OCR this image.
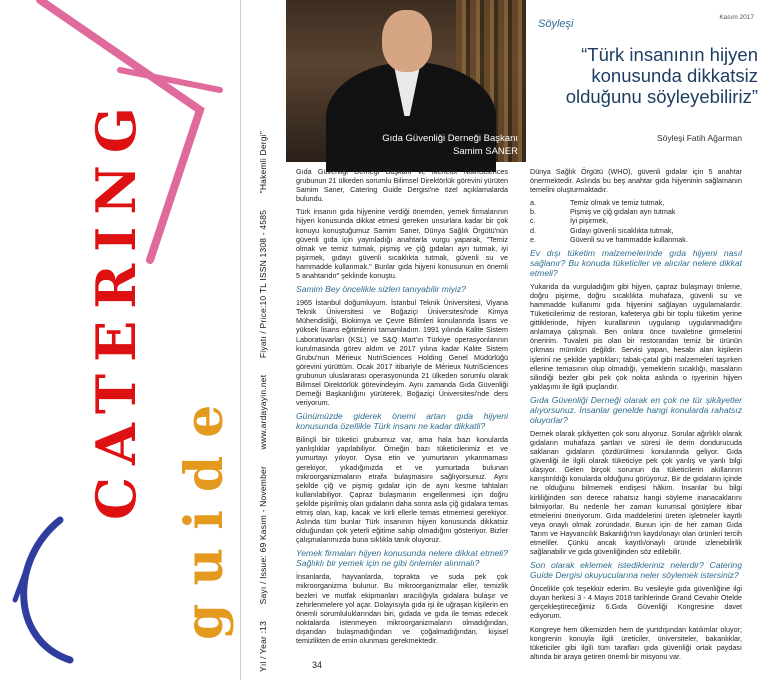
CATERING guide
Yıl / Year :13 Sayı / Issue: 69 Kasım - November www.ardayayin.net Fiyatı / Price:10 TL ISSN 1308 - 4585 "Hakemli Dergi"	Gıda Güvenliği Derneği Başkanı
Samim SANER
Söyleşi
Kasım 2017
“Türk insanının hijyen konusunda dikkatsiz olduğunu söyleyebiliriz”
Söyleşi Fatih Ağarman

Gıda Güvenliği Derneği Başkanı ve Mérieux NutriSciences grubunun 21 ülkeden sorumlu Bilimsel Direktörlük görevini yürüten Samim Saner, Catering Guide Dergisi'ne özel açıklamalarda bulundu.

Türk insanın gıda hijyenine verdiği önemden, yemek firmalarının hijyen konusunda dikkat etmesi gereken unsurlara kadar bir çok konuyu konuştuğumuz Samim Saner, Dünya Sağlık Örgütü'nün güvenli gıda için yayınladığı anahtarla vurgu yaparak, "Temiz olmak ve temiz tutmak, pişmiş ve çiğ gıdaları ayrı tutmak, iyi pişirmek, gıdayı güvenli sıcaklıkta tutmak, güvenli su ve hammadde kullanmak." Bunlar gıda hijyeni konusunun en önemli 5 anahtarıdır" şeklinde konuştu.

Samim Bey öncelikle sizleri tanıyabilir miyiz?

1965 İstanbul doğumluyum. İstanbul Teknik Üniversitesi, Viyana Teknik Üniversitesi ve Boğaziçi Üniversitesi'nde Kimya Mühendisliği, Biokimya ve Çevre Bilimleri konularında lisans ve yüksek lisans eğitimlerini tamamladım. 1991 yılında Kalite Sistem Laboratuvarları (KSL) ve S&Q Mart'ın Türkiye operasyonlarının kurulmasında görev aldım ve 2017 yılına kadar Kalite Sistem Grubu'nun Mérieux NutriSciences Holding Genel Müdürlüğü görevini yürüttüm. Ocak 2017 itibariyle de Mérieux NutriSciences grubunun uluslararası operasyonunda 21 ülkeden sorumlu olarak Bilimsel Direktörlük görevindeyim. Aynı zamanda Gıda Güvenliği Derneği Başkanlığını yürüterek, Boğaziçi Üniversitesi'nde ders veriyorum.

Günümüzde giderek önemi artan gıda hijyeni konusunda özellikle Türk insanı ne kadar dikkatli?

Bilinçli bir tüketici grubumuz var, ama hala bazı konularda yanlışlıklar yapılabiliyor. Örneğin bazı tüketicilerimiz et ve yumurtayı yıkıyor. Oysa etin ve yumurtanın yıkanmaması gerekiyor, yıkadığınızda et ve yumurtada bulunan mikroorganizmaların etrafa bulaşmasını sağlıyorsunuz. Aynı şekilde çiğ ve pişmiş gıdalar için de aynı kesme tahtaları kullanılabiliyor. Çapraz bulaşmanın engellenmesi için doğru şekilde pişirilmiş olan gıdaların daha sonra asla çiğ gıdalara temas etmiş olan, kap, kacak ve kirli ellerle temas etmemesi gerekiyor. Aslında tüm bunlar Türk insanının hijyen konusunda dikkatsiz olduğundan çok yeterli eğitime sahip olmadığını gösteriyor. Bizler çalışmalarımızda buna sıklıkla tanık oluyoruz.

Yemek firmaları hijyen konusunda nelere dikkat etmeli? Sağlıklı bir yemek için ne gibi önlemler alınmalı?

İnsanlarda, hayvanlarda, toprakta ve suda pek çok mikroorganizma bulunur. Bu mikroorganizmalar eller, temizlik bezleri ve mutfak ekipmanları aracılığıyla gıdalara bulaşır ve zehirlenmelere yol açar. Dolayısıyla gıda işi ile uğraşan kişilerin en önemli sorumluluklarından biri, gıdada ve gıda ile temas edecek noktalarda istenmeyen mikroorganizmaların olmadığından, dışarıdan bulaşmadığından ve çoğalmadığından, kişisel temizlikten de emin olunması gerekmektedir.

Dünya Sağlık Örgütü (WHO), güvenli gıdalar için 5 anahtar önermektedir. Aslında bu beş anahtar gıda hijyeninin sağlamanın temelini oluşturmaktadır.

a.	Temiz olmak ve temiz tutmak,
b.	Pişmiş ve çiğ gıdaları ayrı tutmak
c.	İyi pişirmek,
d.	Gıdayı güvenli sıcaklıkta tutmak,
e.	Güvenli su ve hammadde kullanmak.
Ev dışı tüketim malzemelerinde gıda hijyeni nasıl sağlanır? Bu konuda tüketiciler ve alıcılar nelere dikkat etmeli?

Yukarıda da vurguladığım gibi hijyen, çapraz bulaşmayı önleme, doğru pişirme, doğru sıcaklıkta muhafaza, güvenli su ve hammadde kullanımı gıda hijyenini sağlayan uygulamalardır. Tüketicilerimiz de restoran, kafeterya gibi bir toplu tüketim yerine gittiklerinde, hijyen kurallarının uygulanıp uygulanmadığını anlamaya çalışmalı. Ben onlara önce tuvaletine girmelerini öneririm. Tuvaleti pis olan bir restorandan temiz bir ürünün çıkması mümkün değildir. Servisi yapan, hesabı alan kişilerin işlerini ne şekilde yaptıkları; tabak-çatal gibi malzemeleri taşırken ellerine temasının olup olmadığı, yemeklerin sıcaklığı, masaların silindiği bezler gibi pek çok nokta aslında o işyerinin hijyen yaklaşımı ile ilgili ipuçlarıdır.

Gıda Güvenliği Derneği olarak en çok ne tür şikâyetler alıyorsunuz. İnsanlar genelde hangi konularda rahatsız oluyorlar?

Dernek olarak şikâyetten çok soru alıyoruz. Sorular ağırlıklı olarak gıdaların muhafaza şartları ve süresi ile derin dondurucuda saklanan gıdaların çözdürülmesi konularında geliyor. Gıda güvenliği ile ilgili olarak tüketiciye pek çok yanlış ve yanlı bilgi ulaşıyor. Gelen birçok sorunun da tüketicilerin akıllarının karıştırıldığı konularda olduğunu görüyoruz. Bir de gıdaların içinde ne olduğunu bilmemek endişesi hâkim. İnsanlar bu bilgi kirliliğinden son derece rahatsız hangi söyleme inanacaklarını bilmiyorlar. Bu nedenle her zaman kurumsal görüşlere itibar etmelerini öneriyorum. Gıda maddelerini üreten işletmeler kayıtlı veya onaylı olmak zorundadır. Bunun için de her zaman Gıda Tarım ve Hayvancılık Bakanlığı'nın kaydı/onayı olan ürünleri tercih etmeliler. Çünkü ancak kayıtlı/onaylı üründe izlenebilirlik sağlanabilir ve gıda güvenliğinden söz edilebilir.

Son olarak eklemek istedikleriniz nelerdir? Catering Guide Dergisi okuyucularına neler söylemek istersiniz?

Öncelikle çok teşekkür ederim. Bu vesileyle gıda güvenliğine ilgi duyan herkesi 3 - 4 Mayıs 2018 tarihlerinde Grand Cevahir Otelde gerçekleştireceğimiz 6.Gıda Güvenliği Kongresine davet ediyorum.

Kongreye hem ülkemizden hem de yurtdışından katılımlar oluyor; kongrenin konuyla ilgili üreticiler, üniversiteler, bakanlıklar, tüketiciler gibi ilgili tüm tarafları gıda güvenliği ortak paydası altında bir araya getiren önemli bir misyonu var.

34
